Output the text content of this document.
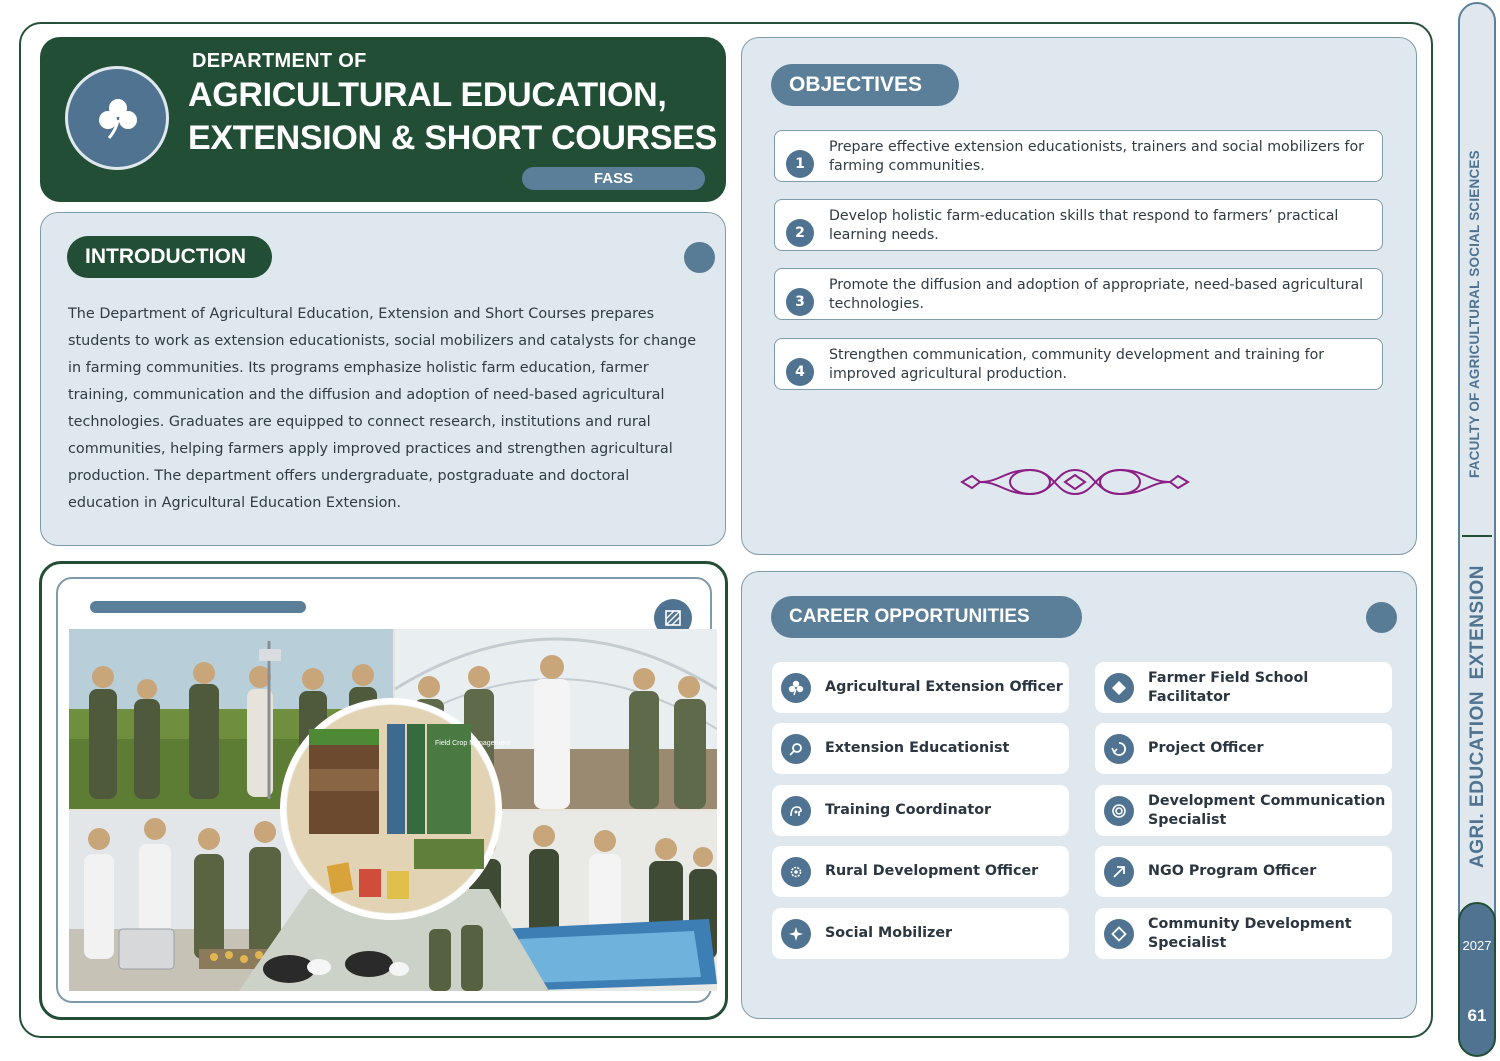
DEPARTMENT OF
AGRICULTURAL EDUCATION,
EXTENSION & SHORT COURSES
FASS
INTRODUCTION

The Department of Agricultural Education, Extension and Short Courses prepares students to work as extension educationists, social mobilizers and catalysts for change in farming communities. Its programs emphasize holistic farm education, farmer training, communication and the diffusion and adoption of need-based agricultural technologies. Graduates are equipped to connect research, institutions and rural communities, helping farmers apply improved practices and strengthen agricultural production. The department offers undergraduate, postgraduate and doctoral education in Agricultural Education Extension.

OBJECTIVES
1
Prepare effective extension educationists, trainers and social mobilizers for farming communities.
2
Develop holistic farm-education skills that respond to farmers’ practical learning needs.
3
Promote the diffusion and adoption of appropriate, need-based agricultural technologies.
4
Strengthen communication, community development and training for improved agricultural production.
Field Crop Management
CAREER OPPORTUNITIES
Agricultural Extension Officer
Extension Educationist
Training Coordinator
Rural Development Officer
Social Mobilizer
Farmer Field School Facilitator
Project Officer
Development Communication Specialist
NGO Program Officer
Community Development Specialist
FACULTY OF AGRICULTURAL SOCIAL SCIENCES
AGRI. EDUCATION  EXTENSION
2027
61
